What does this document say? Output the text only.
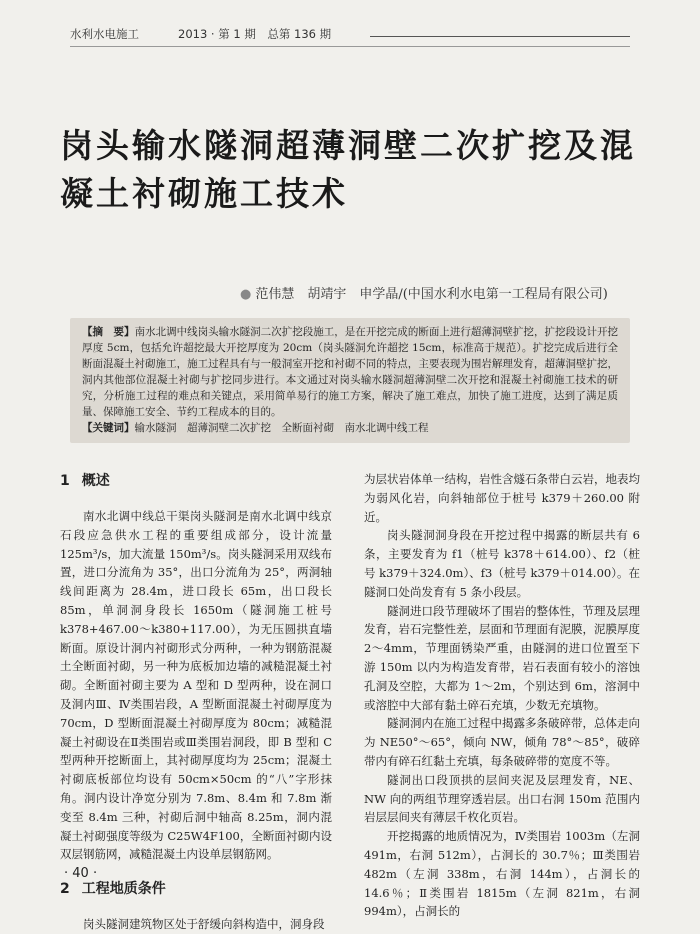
水利水电施工	2013 · 第 1 期　总第 136 期
岗头输水隧洞超薄洞壁二次扩挖及混凝土衬砌施工技术
● 范伟慧　胡靖宇　申学晶/(中国水利水电第一工程局有限公司)

【摘　要】南水北调中线岗头输水隧洞二次扩挖段施工，是在开挖完成的断面上进行超薄洞壁扩挖，扩挖段设计开挖厚度 5cm，包括允许超挖最大开挖厚度为 20cm（岗头隧洞允许超挖 15cm，标准高于规范）。扩挖完成后进行全断面混凝土衬砌施工，施工过程具有与一般洞室开挖和衬砌不同的特点，主要表现为围岩解理发育，超薄洞壁扩挖，洞内其他部位混凝土衬砌与扩挖同步进行。本文通过对岗头输水隧洞超薄洞壁二次开挖和混凝土衬砌施工技术的研究，分析施工过程的难点和关键点，采用简单易行的施工方案，解决了施工难点，加快了施工进度，达到了满足质量、保障施工安全、节约工程成本的目的。

【关键词】输水隧洞　超薄洞壁二次扩挖　全断面衬砌　南水北调中线工程

1 概述

南水北调中线总干渠岗头隧洞是南水北调中线京石段应急供水工程的重要组成部分，设计流量 125m³/s，加大流量 150m³/s。岗头隧洞采用双线布置，进口分流角为 35°，出口分流角为 25°，两洞轴线间距离为 28.4m，进口段长 65m，出口段长 85m，单洞洞身段长 1650m（隧洞施工桩号 k378+467.00～k380+117.00），为无压圆拱直墙断面。原设计洞内衬砌形式分两种，一种为钢筋混凝土全断面衬砌，另一种为底板加边墙的减糙混凝土衬砌。全断面衬砌主要为 A 型和 D 型两种，设在洞口及洞内Ⅲ、Ⅳ类围岩段，A 型断面混凝土衬砌厚度为 70cm，D 型断面混凝土衬砌厚度为 80cm；减糙混凝土衬砌设在Ⅱ类围岩或Ⅲ类围岩洞段，即 B 型和 C 型两种开挖断面上，其衬砌厚度均为 25cm；混凝土衬砌底板部位均设有 50cm×50cm 的“八”字形抹角。洞内设计净宽分别为 7.8m、8.4m 和 7.8m 渐变至 8.4m 三种，衬砌后洞中轴高 8.25m，洞内混凝土衬砌强度等级为 C25W4F100，全断面衬砌内设双层钢筋网，减糙混凝土内设单层钢筋网。

2 工程地质条件

岗头隧洞建筑物区处于舒缓向斜构造中，洞身段

为层状岩体单一结构，岩性含燧石条带白云岩，地表均为弱风化岩，向斜轴部位于桩号 k379＋260.00 附近。

岗头隧洞洞身段在开挖过程中揭露的断层共有 6 条，主要发育为 f1（桩号 k378＋614.00）、f2（桩号 k379＋324.0m）、f3（桩号 k379＋014.00）。在隧洞口处尚发育有 5 条小段层。

隧洞进口段节理破坏了围岩的整体性，节理及层理发育，岩石完整性差，层面和节理面有泥膜，泥膜厚度 2～4mm，节理面锈染严重，由隧洞的进口位置至下游 150m 以内为构造发育带，岩石表面有较小的溶蚀孔洞及空腔，大都为 1～2m，个别达到 6m，溶洞中或溶腔中大部有黏土碎石充填，少数无充填物。

隧洞洞内在施工过程中揭露多条破碎带，总体走向为 NE50°～65°，倾向 NW，倾角 78°～85°，破碎带内有碎石红黏土充填，每条破碎带的宽度不等。

隧洞出口段顶拱的层间夹泥及层理发育，NE、NW 向的两组节理穿透岩层。出口右洞 150m 范围内岩层层间夹有薄层千枚化页岩。

开挖揭露的地质情况为，Ⅳ类围岩 1003m（左洞 491m，右洞 512m），占洞长的 30.7％；Ⅲ类围岩 482m（左洞 338m，右洞 144m），占洞长的 14.6％；Ⅱ类围岩 1815m（左洞 821m，右洞 994m），占洞长的

· 40 ·
